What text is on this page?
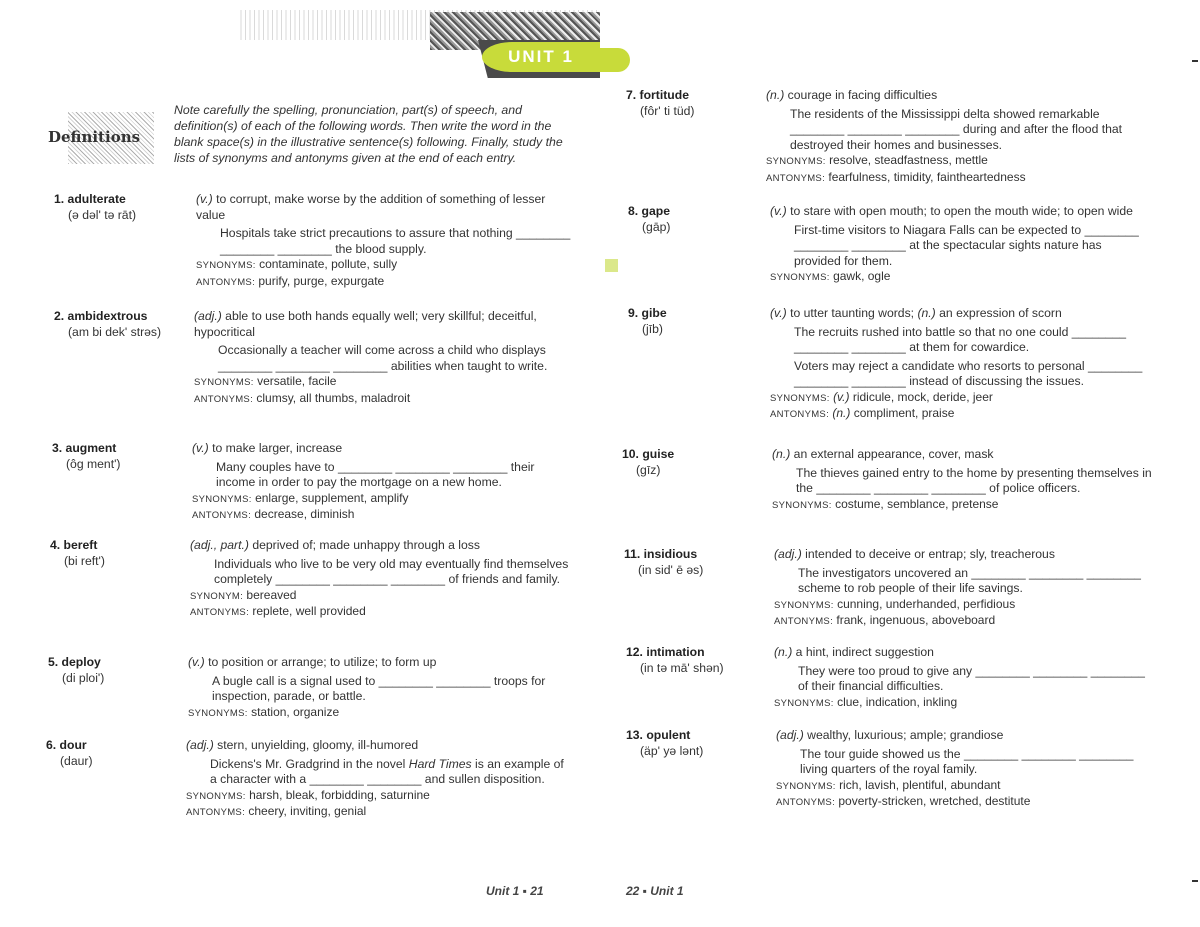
UNIT 1
Definitions
Note carefully the spelling, pronunciation, part(s) of speech, and definition(s) of each of the following words. Then write the word in the blank space(s) in the illustrative sentence(s) following. Finally, study the lists of synonyms and antonyms given at the end of each entry.
1. adulterate
(ə dəl' tə rāt)
(v.) to corrupt, make worse by the addition of something of lesser value
Hospitals take strict precautions to assure that nothing ________ ________ ________ the blood supply.
SYNONYMS: contaminate, pollute, sully
ANTONYMS: purify, purge, expurgate
2. ambidextrous
(am bi dek' strəs)
(adj.) able to use both hands equally well; very skillful; deceitful, hypocritical
Occasionally a teacher will come across a child who displays ________ ________ ________ abilities when taught to write.
SYNONYMS: versatile, facile
ANTONYMS: clumsy, all thumbs, maladroit
3. augment
(ôg ment')
(v.) to make larger, increase
Many couples have to ________ ________ ________ their income in order to pay the mortgage on a new home.
SYNONYMS: enlarge, supplement, amplify
ANTONYMS: decrease, diminish
4. bereft
(bi reft')
(adj., part.) deprived of; made unhappy through a loss
Individuals who live to be very old may eventually find themselves completely ________ ________ ________ of friends and family.
SYNONYM: bereaved
ANTONYMS: replete, well provided
5. deploy
(di ploi')
(v.) to position or arrange; to utilize; to form up
A bugle call is a signal used to ________ ________ troops for inspection, parade, or battle.
SYNONYMS: station, organize
6. dour
(daur)
(adj.) stern, unyielding, gloomy, ill-humored
Dickens's Mr. Gradgrind in the novel Hard Times is an example of a character with a ________ ________ and sullen disposition.
SYNONYMS: harsh, bleak, forbidding, saturnine
ANTONYMS: cheery, inviting, genial
Unit 1 ▪ 21
7. fortitude
(fôr' ti tüd)
(n.) courage in facing difficulties
The residents of the Mississippi delta showed remarkable ________ ________ ________ during and after the flood that destroyed their homes and businesses.
SYNONYMS: resolve, steadfastness, mettle
ANTONYMS: fearfulness, timidity, faintheartedness
8. gape
(gāp)
(v.) to stare with open mouth; to open the mouth wide; to open wide
First-time visitors to Niagara Falls can be expected to ________ ________ ________ at the spectacular sights nature has provided for them.
SYNONYMS: gawk, ogle
9. gibe
(jīb)
(v.) to utter taunting words; (n.) an expression of scorn
The recruits rushed into battle so that no one could ________ ________ ________ at them for cowardice.
Voters may reject a candidate who resorts to personal ________ ________ ________ instead of discussing the issues.
SYNONYMS: (v.) ridicule, mock, deride, jeer
ANTONYMS: (n.) compliment, praise
10. guise
(gīz)
(n.) an external appearance, cover, mask
The thieves gained entry to the home by presenting themselves in the ________ ________ ________ of police officers.
SYNONYMS: costume, semblance, pretense
11. insidious
(in sid' ē əs)
(adj.) intended to deceive or entrap; sly, treacherous
The investigators uncovered an ________ ________ ________ scheme to rob people of their life savings.
SYNONYMS: cunning, underhanded, perfidious
ANTONYMS: frank, ingenuous, aboveboard
12. intimation
(in tə mā' shən)
(n.) a hint, indirect suggestion
They were too proud to give any ________ ________ ________ of their financial difficulties.
SYNONYMS: clue, indication, inkling
13. opulent
(äp' yə lənt)
(adj.) wealthy, luxurious; ample; grandiose
The tour guide showed us the ________ ________ ________ living quarters of the royal family.
SYNONYMS: rich, lavish, plentiful, abundant
ANTONYMS: poverty-stricken, wretched, destitute
22 ▪ Unit 1
